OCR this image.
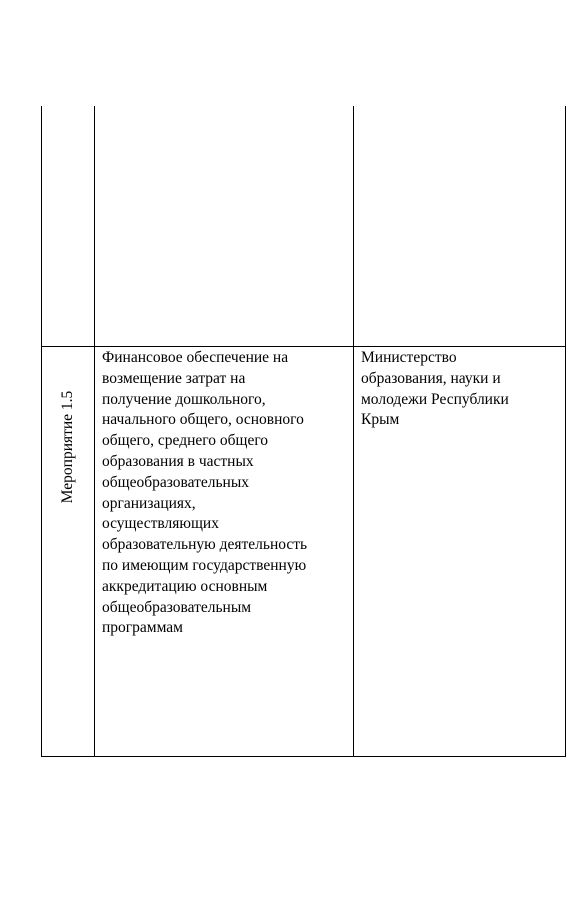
Мероприятие 1.5
Финансовое обеспечение на
возмещение затрат на
получение дошкольного,
начального общего, основного
общего, среднего общего
образования в частных
общеобразовательных
организациях,
осуществляющих
образовательную деятельность
по имеющим государственную
аккредитацию основным
общеобразовательным
программам
Министерство
образования, науки и
молодежи Республики
Крым
